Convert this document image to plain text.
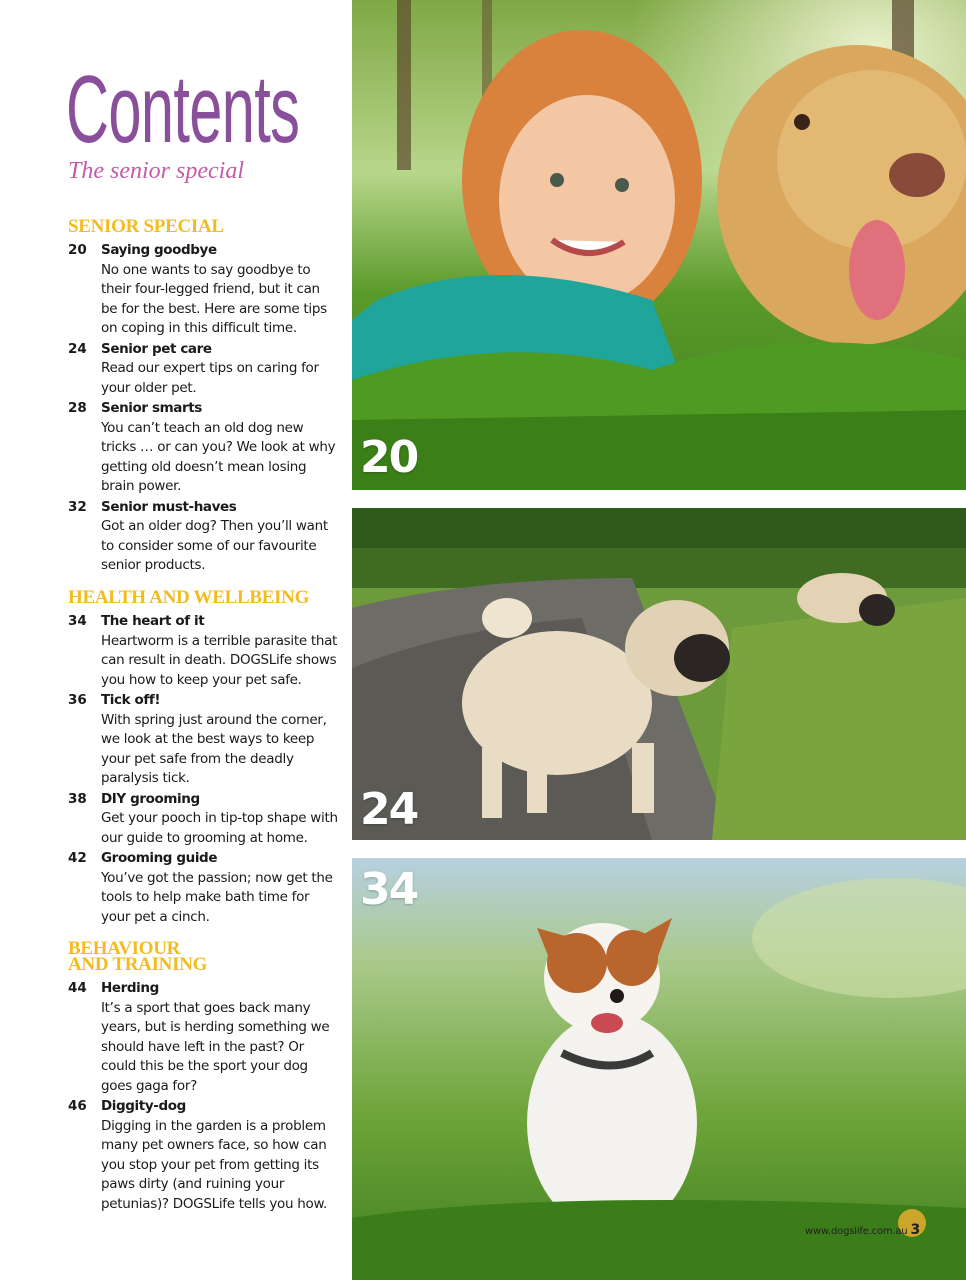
Contents
The senior special
SENIOR SPECIAL
20 Saying goodbye
No one wants to say goodbye to their four-legged friend, but it can be for the best. Here are some tips on coping in this difficult time.
24 Senior pet care
Read our expert tips on caring for your older pet.
28 Senior smarts
You can’t teach an old dog new tricks … or can you? We look at why getting old doesn’t mean losing brain power.
32 Senior must-haves
Got an older dog? Then you’ll want to consider some of our favourite senior products.
HEALTH AND WELLBEING
34 The heart of it
Heartworm is a terrible parasite that can result in death. DOGSLife shows you how to keep your pet safe.
36 Tick off!
With spring just around the corner, we look at the best ways to keep your pet safe from the deadly paralysis tick.
38 DIY grooming
Get your pooch in tip-top shape with our guide to grooming at home.
42 Grooming guide
You’ve got the passion; now get the tools to help make bath time for your pet a cinch.
BEHAVIOUR
AND TRAINING
44 Herding
It’s a sport that goes back many years, but is herding something we should have left in the past? Or could this be the sport your dog goes gaga for?
46 Diggity-dog
Digging in the garden is a problem many pet owners face, so how can you stop your pet from getting its paws dirty (and ruining your petunias)? DOGSLife tells you how.
20
24
34
www.dogslife.com.au 3
